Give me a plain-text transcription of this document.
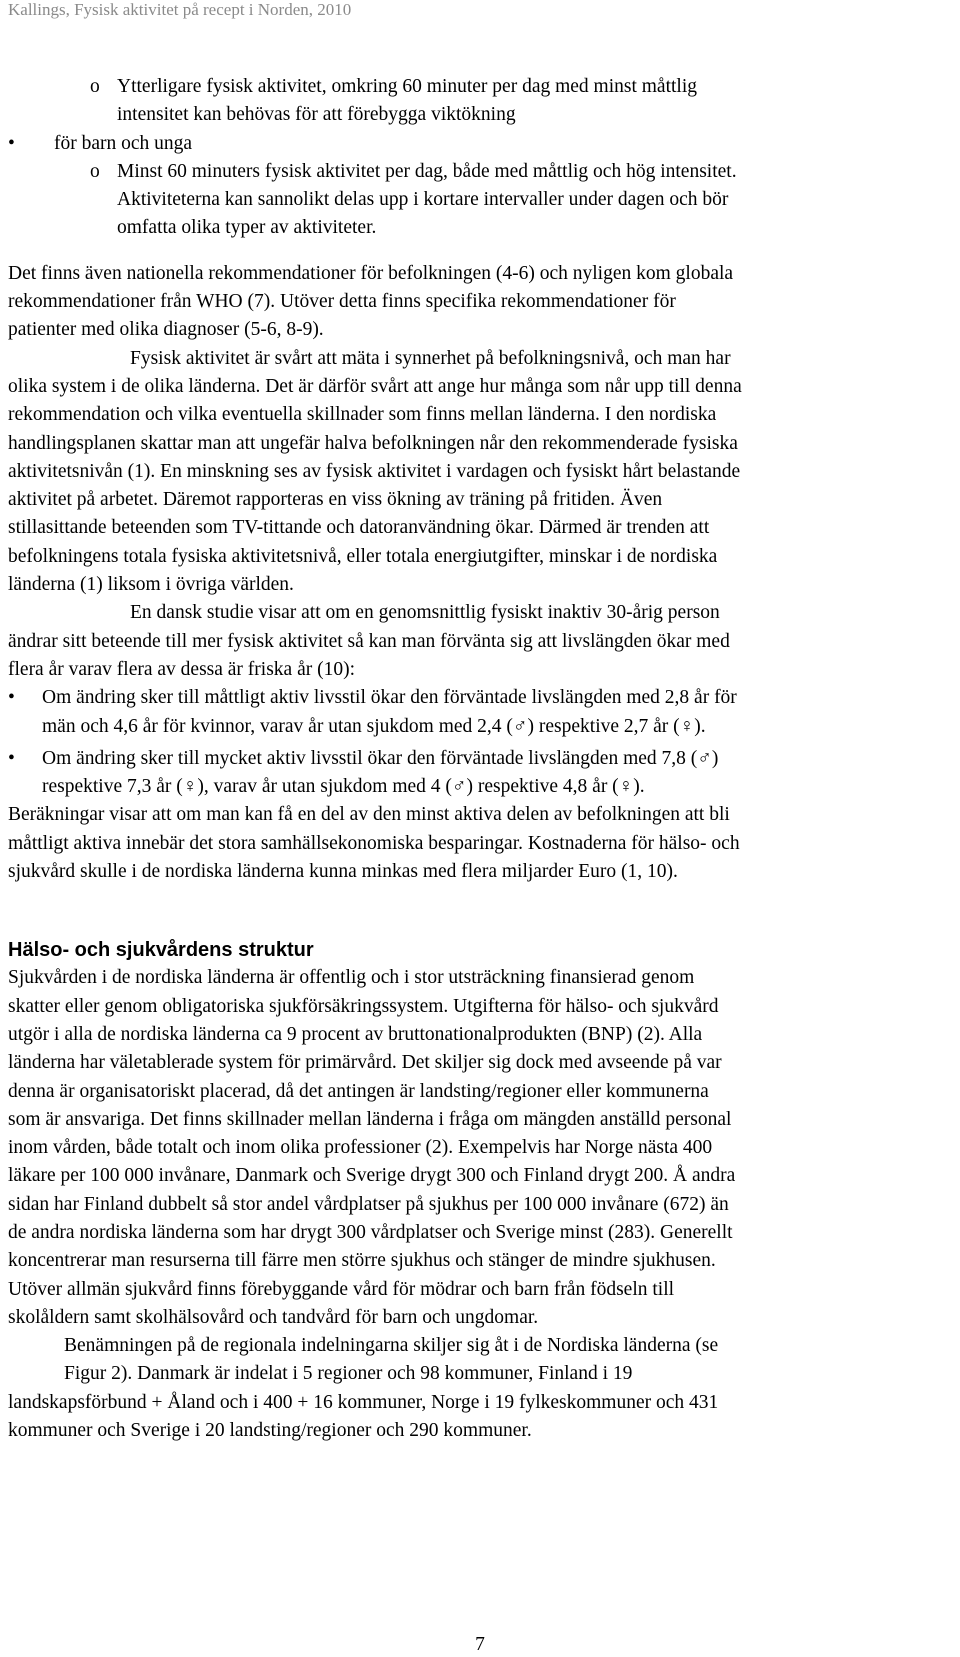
Kallings, Fysisk aktivitet på recept i Norden, 2010
o Ytterligare fysisk aktivitet, omkring 60 minuter per dag med minst måttlig
intensitet kan behövas för att förebygga viktökning
• för barn och unga
o Minst 60 minuters fysisk aktivitet per dag, både med måttlig och hög intensitet.
Aktiviteterna kan sannolikt delas upp i kortare intervaller under dagen och bör
omfatta olika typer av aktiviteter.
Det finns även nationella rekommendationer för befolkningen (4-6) och nyligen kom globala
rekommendationer från WHO (7). Utöver detta finns specifika rekommendationer för
patienter med olika diagnoser (5-6, 8-9).
Fysisk aktivitet är svårt att mäta i synnerhet på befolkningsnivå, och man har
olika system i de olika länderna. Det är därför svårt att ange hur många som når upp till denna
rekommendation och vilka eventuella skillnader som finns mellan länderna. I den nordiska
handlingsplanen skattar man att ungefär halva befolkningen når den rekommenderade fysiska
aktivitetsnivån (1). En minskning ses av fysisk aktivitet i vardagen och fysiskt hårt belastande
aktivitet på arbetet. Däremot rapporteras en viss ökning av träning på fritiden. Även
stillasittande beteenden som TV-tittande och datoranvändning ökar. Därmed är trenden att
befolkningens totala fysiska aktivitetsnivå, eller totala energiutgifter, minskar i de nordiska
länderna (1) liksom i övriga världen.
En dansk studie visar att om en genomsnittlig fysiskt inaktiv 30-årig person
ändrar sitt beteende till mer fysisk aktivitet så kan man förvänta sig att livslängden ökar med
flera år varav flera av dessa är friska år (10):
• Om ändring sker till måttligt aktiv livsstil ökar den förväntade livslängden med 2,8 år för
män och 4,6 år för kvinnor, varav år utan sjukdom med 2,4 (♂) respektive 2,7 år (♀).
• Om ändring sker till mycket aktiv livsstil ökar den förväntade livslängden med 7,8 (♂)
respektive 7,3 år (♀), varav år utan sjukdom med 4 (♂) respektive 4,8 år (♀).
Beräkningar visar att om man kan få en del av den minst aktiva delen av befolkningen att bli
måttligt aktiva innebär det stora samhällsekonomiska besparingar. Kostnaderna för hälso- och
sjukvård skulle i de nordiska länderna kunna minkas med flera miljarder Euro (1, 10).
Hälso- och sjukvårdens struktur
Sjukvården i de nordiska länderna är offentlig och i stor utsträckning finansierad genom
skatter eller genom obligatoriska sjukförsäkringssystem. Utgifterna för hälso- och sjukvård
utgör i alla de nordiska länderna ca 9 procent av bruttonationalprodukten (BNP) (2). Alla
länderna har väletablerade system för primärvård. Det skiljer sig dock med avseende på var
denna är organisatoriskt placerad, då det antingen är landsting/regioner eller kommunerna
som är ansvariga. Det finns skillnader mellan länderna i fråga om mängden anställd personal
inom vården, både totalt och inom olika professioner (2). Exempelvis har Norge nästa 400
läkare per 100 000 invånare, Danmark och Sverige drygt 300 och Finland drygt 200. Å andra
sidan har Finland dubbelt så stor andel vårdplatser på sjukhus per 100 000 invånare (672) än
de andra nordiska länderna som har drygt 300 vårdplatser och Sverige minst (283). Generellt
koncentrerar man resurserna till färre men större sjukhus och stänger de mindre sjukhusen.
Utöver allmän sjukvård finns förebyggande vård för mödrar och barn från födseln till
skolåldern samt skolhälsovård och tandvård för barn och ungdomar.
Benämningen på de regionala indelningarna skiljer sig åt i de Nordiska länderna (se
Figur 2). Danmark är indelat i 5 regioner och 98 kommuner, Finland i 19
landskapsförbund + Åland och i 400 + 16 kommuner, Norge i 19 fylkeskommuner och 431
kommuner och Sverige i 20 landsting/regioner och 290 kommuner.
7
